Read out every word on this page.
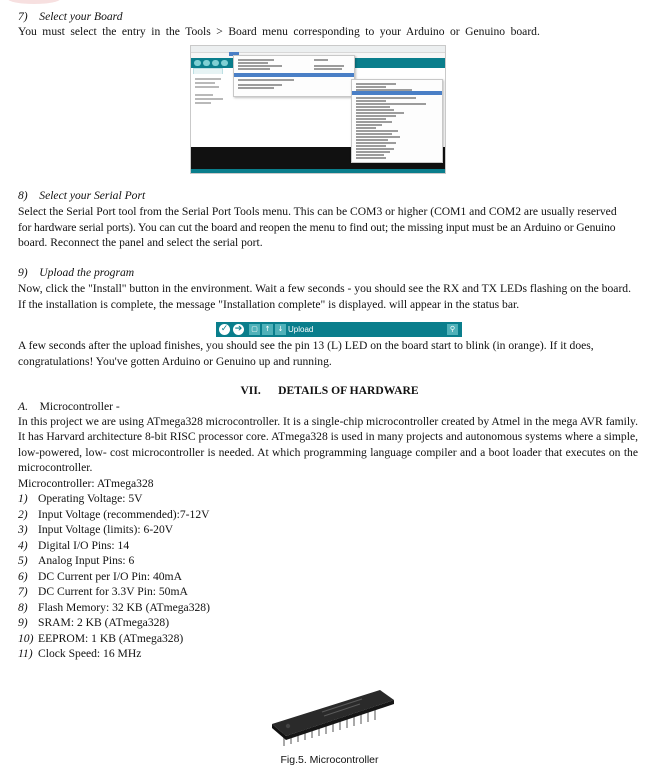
7) Select your Board
You must select the entry in the Tools > Board menu corresponding to your Arduino or Genuino board.
8) Select your Serial Port
Select the Serial Port tool from the Serial Port Tools menu. This can be COM3 or higher (COM1 and COM2 are usually reserved
for hardware serial ports). You can cut the board and reopen the menu to find out; the missing input must be an Arduino or Genuino
board. Reconnect the panel and select the serial port.
9) Upload the program
Now, click the "Install" button in the environment. Wait a few seconds - you should see the RX and TX LEDs flashing on the board.
If the installation is complete, the message "Installation complete" is displayed. will appear in the status bar.
✓ ➔	▢ ↑	↓ Upload	⚲
A few seconds after the upload finishes, you should see the pin 13 (L) LED on the board start to blink (in orange). If it does,
congratulations! You've gotten Arduino or Genuino up and running.
VII. DETAILS OF HARDWARE
A. Microcontroller -
In this project we are using ATmega328 microcontroller. It is a single-chip microcontroller created by Atmel in the mega AVR family. It has Harvard architecture 8-bit RISC processor core. ATmega328 is used in many projects and autonomous systems where a simple, low-powered, low- cost microcontroller is needed. At which programming language compiler and a boot loader that executes on the microcontroller.
Microcontroller: ATmega328
1) Operating Voltage: 5V
2) Input Voltage (recommended):7-12V
3) Input Voltage (limits): 6-20V
4) Digital I/O Pins: 14
5) Analog Input Pins: 6
6) DC Current per I/O Pin: 40mA
7) DC Current for 3.3V Pin: 50mA
8) Flash Memory: 32 KB (ATmega328)
9) SRAM: 2 KB (ATmega328)
10) EEPROM: 1 KB (ATmega328)
11) Clock Speed: 16 MHz
Fig.5. Microcontroller
